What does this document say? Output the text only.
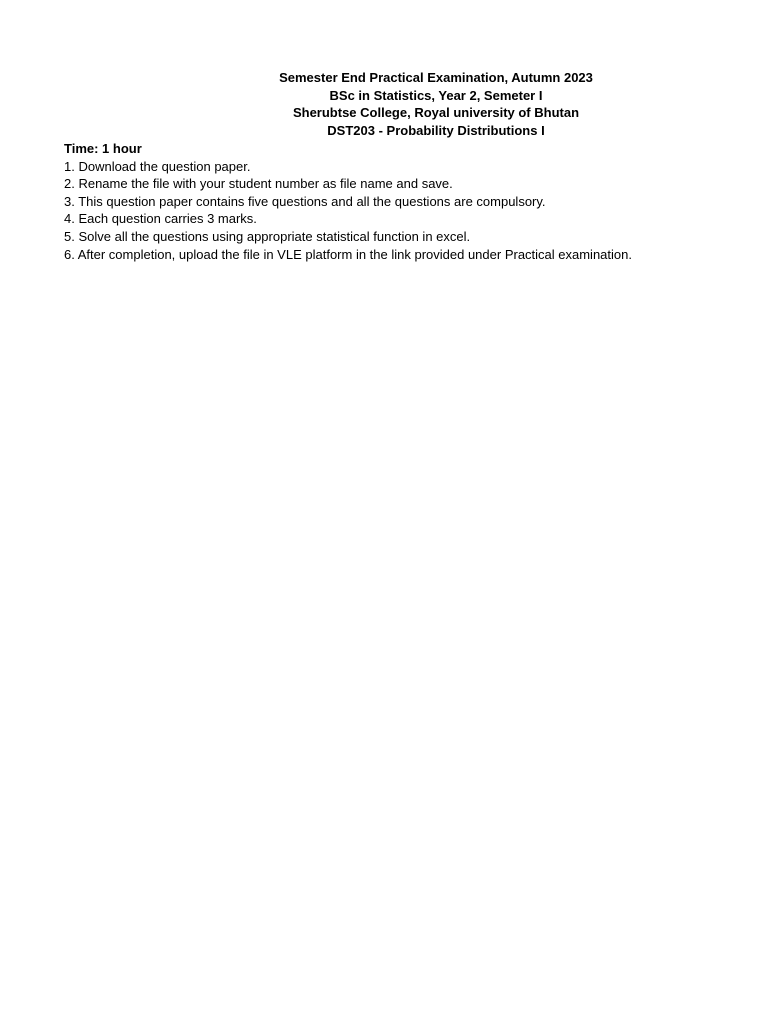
Semester End Practical Examination, Autumn 2023
BSc in Statistics, Year 2, Semeter I
Sherubtse College, Royal university of Bhutan
DST203 - Probability Distributions I
Time: 1 hour
1. Download the question paper.
2. Rename the file with your student number as file name and save.
3. This question paper contains five questions and all the questions are compulsory.
4. Each question carries 3 marks.
5. Solve all the questions using appropriate statistical function in excel.
6. After completion, upload the file in VLE platform in the link provided under Practical examination.
